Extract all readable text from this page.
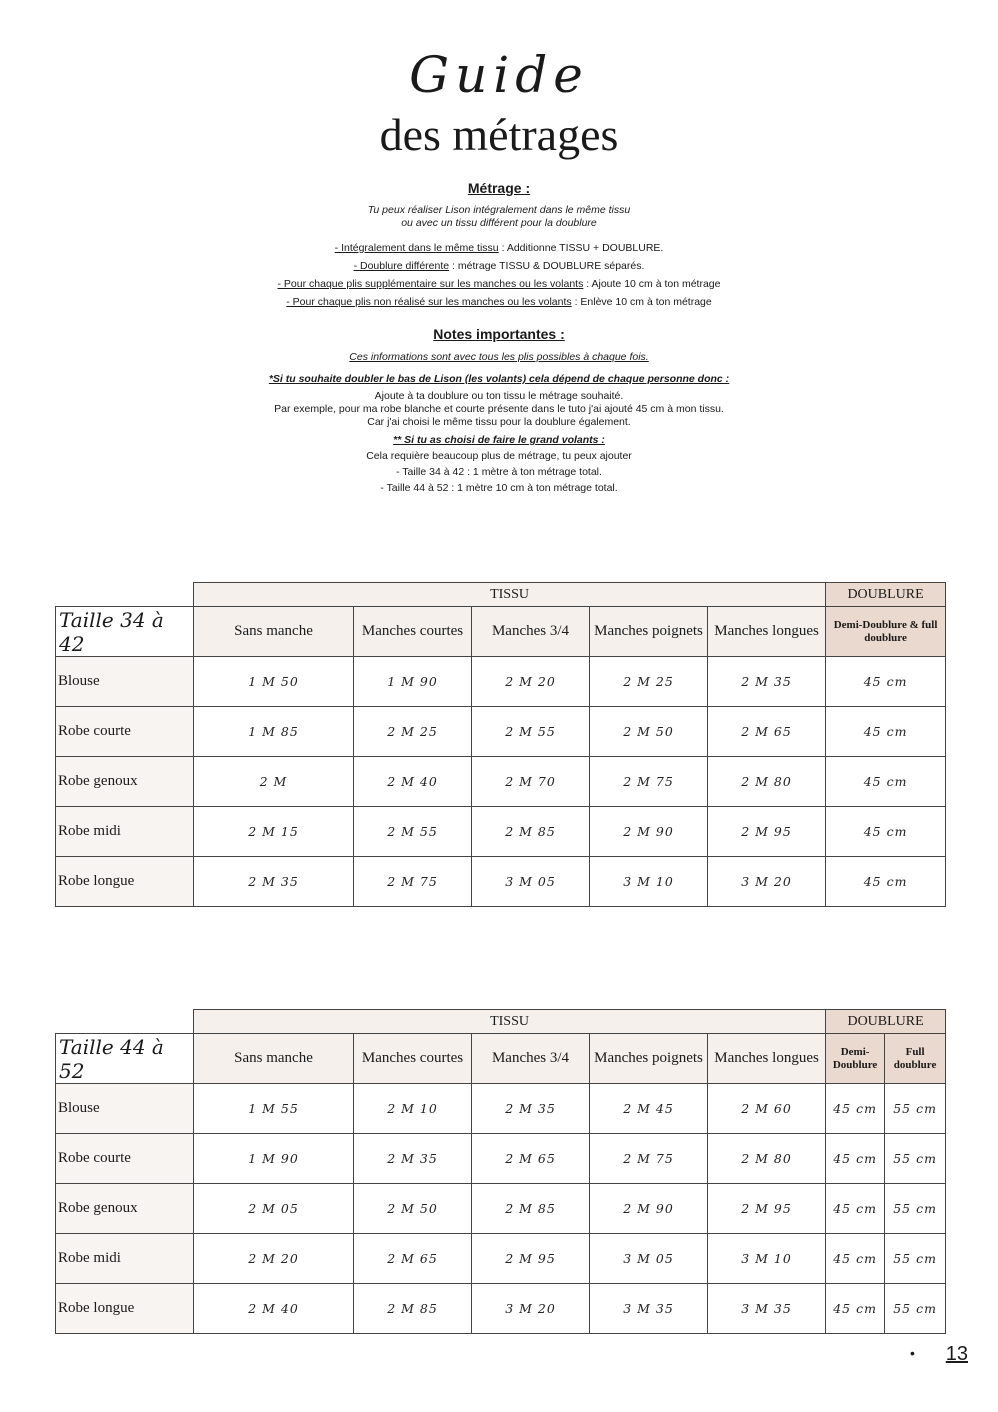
Guide
des métrages
Métrage :
Tu peux réaliser Lison intégralement dans le même tissu
ou avec un tissu différent pour la doublure
- Intégralement dans le même tissu : Additionne TISSU + DOUBLURE.
- Doublure différente : métrage TISSU & DOUBLURE séparés.
- Pour chaque plis supplémentaire sur les manches ou les volants : Ajoute 10 cm à ton métrage
- Pour chaque plis non réalisé sur les manches ou les volants : Enlève 10 cm à ton métrage
Notes importantes :
Ces informations sont avec tous les plis possibles à chaque fois.
*Si tu souhaite doubler le bas de Lison (les volants) cela dépend de chaque personne donc :
Ajoute à ta doublure ou ton tissu le métrage souhaité.
Par exemple, pour ma robe blanche et courte présente dans le tuto j'ai ajouté 45 cm à mon tissu.
Car j'ai choisi le même tissu pour la doublure également.
** Si tu as choisi de faire le grand volants :
Cela requière beaucoup plus de métrage, tu peux ajouter
- Taille 34 à 42 : 1 mètre à ton métrage total.
- Taille 44 à 52 : 1 mètre 10 cm à ton métrage total.
	TISSU					DOUBLURE
Taille 34 à 42	Sans manche	Manches courtes	Manches 3/4	Manches poignets	Manches longues	Demi-Doublure & full doublure
Blouse	1 M 50	1 M 90	2 M 20	2 M 25	2 M 35	45 cm
Robe courte	1 M 85	2 M 25	2 M 55	2 M 50	2 M 65	45 cm
Robe genoux	2 M	2 M 40	2 M 70	2 M 75	2 M 80	45 cm
Robe midi	2 M 15	2 M 55	2 M 85	2 M 90	2 M 95	45 cm
Robe longue	2 M 35	2 M 75	3 M 05	3 M 10	3 M 20	45 cm
	TISSU					DOUBLURE	
Taille 44 à 52	Sans manche	Manches courtes	Manches 3/4	Manches poignets	Manches longues	Demi-Doublure	Full doublure
Blouse	1 M 55	2 M 10	2 M 35	2 M 45	2 M 60	45 cm	55 cm
Robe courte	1 M 90	2 M 35	2 M 65	2 M 75	2 M 80	45 cm	55 cm
Robe genoux	2 M 05	2 M 50	2 M 85	2 M 90	2 M 95	45 cm	55 cm
Robe midi	2 M 20	2 M 65	2 M 95	3 M 05	3 M 10	45 cm	55 cm
Robe longue	2 M 40	2 M 85	3 M 20	3 M 35	3 M 35	45 cm	55 cm
• 13
